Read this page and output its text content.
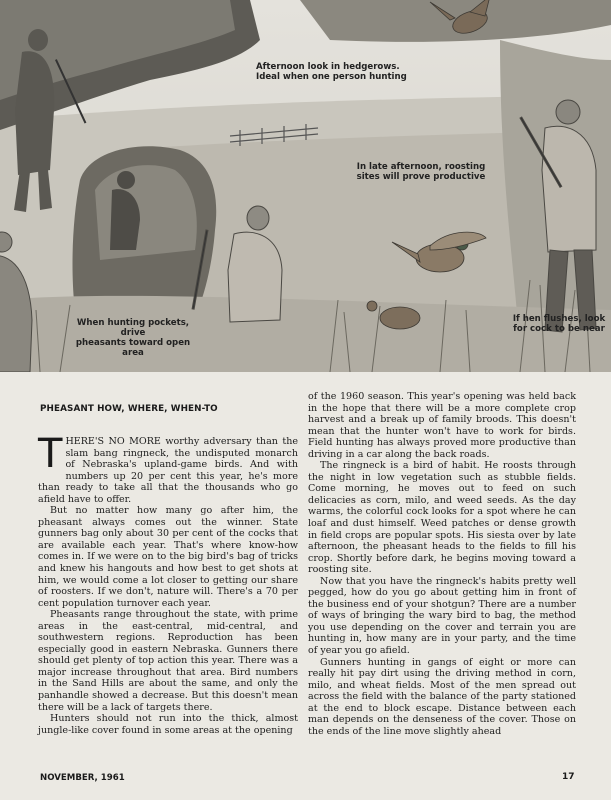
Afternoon look in hedgerows.
Ideal when one person hunting
In late afternoon, roosting
sites will prove productive
When hunting pockets, drive
pheasants toward open area
If hen flushes, look
for cock to be near
PHEASANT HOW, WHERE, WHEN-TO

THERE'S NO MORE worthy adversary than the slam bang ringneck, the undisputed monarch of Nebraska's upland-game birds. And with numbers up 20 per cent this year, he's more than ready to take all that the thousands who go afield have to offer.

But no matter how many go after him, the pheasant always comes out the winner. State gunners bag only about 30 per cent of the cocks that are available each year. That's where know-how comes in. If we were on to the big bird's bag of tricks and knew his hangouts and how best to get shots at him, we would come a lot closer to getting our share of roosters. If we don't, nature will. There's a 70 per cent population turnover each year.

Pheasants range throughout the state, with prime areas in the east-central, mid-central, and southwestern regions. Reproduction has been especially good in eastern Nebraska. Gunners there should get plenty of top action this year. There was a major increase throughout that area. Bird numbers in the Sand Hills are about the same, and only the panhandle showed a decrease. But this doesn't mean there will be a lack of targets there.

Hunters should not run into the thick, almost jungle-like cover found in some areas at the opening

of the 1960 season. This year's opening was held back in the hope that there will be a more complete crop harvest and a break up of family broods. This doesn't mean that the hunter won't have to work for birds. Field hunting has always proved more productive than driving in a car along the back roads.

The ringneck is a bird of habit. He roosts through the night in low vegetation such as stubble fields. Come morning, he moves out to feed on such delicacies as corn, milo, and weed seeds. As the day warms, the colorful cock looks for a spot where he can loaf and dust himself. Weed patches or dense growth in field crops are popular spots. His siesta over by late afternoon, the pheasant heads to the fields to fill his crop. Shortly before dark, he begins moving toward a roosting site.

Now that you have the ringneck's habits pretty well pegged, how do you go about getting him in front of the business end of your shotgun? There are a number of ways of bringing the wary bird to bag, the method you use depending on the cover and terrain you are hunting in, how many are in your party, and the time of year you go afield.

Gunners hunting in gangs of eight or more can really hit pay dirt using the driving method in corn, milo, and wheat fields. Most of the men spread out across the field with the balance of the party stationed at the end to block escape. Distance between each man depends on the denseness of the cover. Those on the ends of the line move slightly ahead

NOVEMBER, 1961	17
